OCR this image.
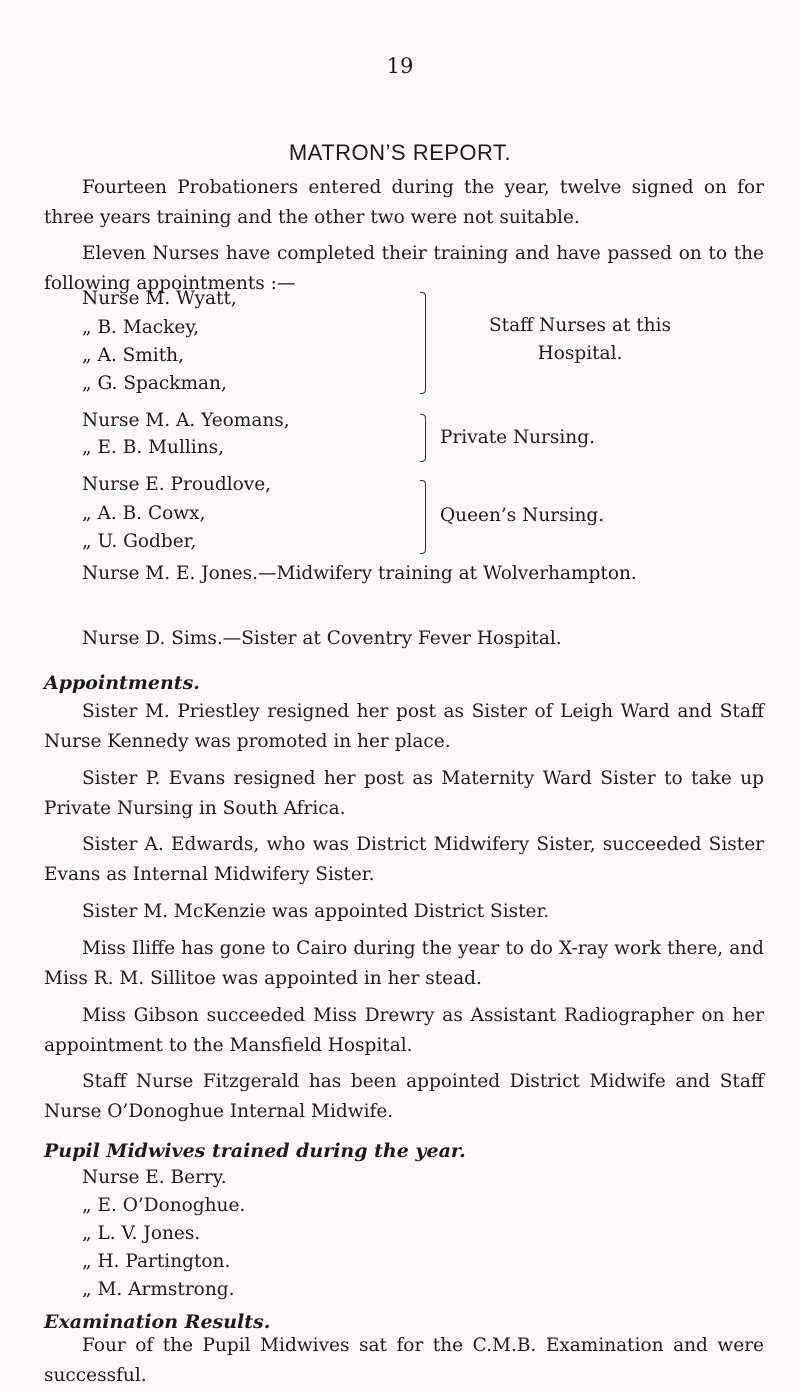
19
MATRON’S REPORT.

Fourteen Probationers entered during the year, twelve signed on for three years training and the other two were not suitable.

Eleven Nurses have completed their training and have passed on to the following appointments :—

Nurse M. Wyatt,
„ B. Mackey,
„ A. Smith,
„ G. Spackman,
Staff Nurses at this
Hospital.
Nurse M. A. Yeomans,
„ E. B. Mullins,	Private Nursing.
Nurse E. Proudlove,
„ A. B. Cowx,
„ U. Godber,
Queen’s Nursing.

Nurse M. E. Jones.—Midwifery training at Wolverhampton.

Nurse D. Sims.—Sister at Coventry Fever Hospital.

Appointments.

Sister M. Priestley resigned her post as Sister of Leigh Ward and Staff Nurse Kennedy was promoted in her place.

Sister P. Evans resigned her post as Maternity Ward Sister to take up Private Nursing in South Africa.

Sister A. Edwards, who was District Midwifery Sister, succeeded Sister Evans as Internal Midwifery Sister.

Sister M. McKenzie was appointed District Sister.

Miss Iliffe has gone to Cairo during the year to do X-ray work there, and Miss R. M. Sillitoe was appointed in her stead.

Miss Gibson succeeded Miss Drewry as Assistant Radiographer on her appointment to the Mansfield Hospital.

Staff Nurse Fitzgerald has been appointed District Midwife and Staff Nurse O’Donoghue Internal Midwife.

Pupil Midwives trained during the year.
Nurse E. Berry.
„ E. O’Donoghue.
„ L. V. Jones.
„ H. Partington.
„ M. Armstrong.
Examination Results.

Four of the Pupil Midwives sat for the C.M.B. Examination and were successful.
